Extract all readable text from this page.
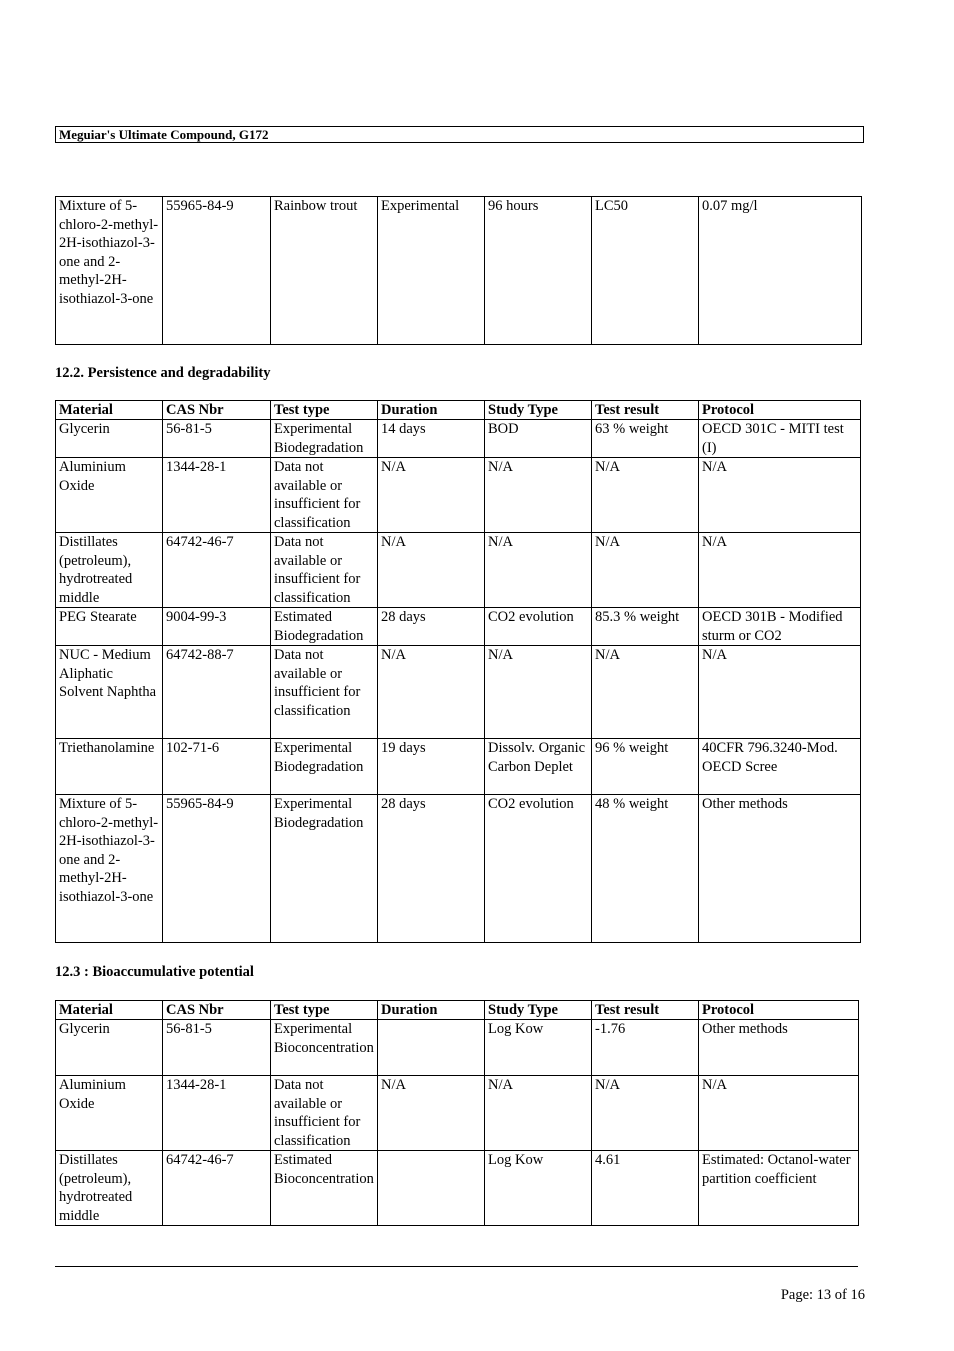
Meguiar's Ultimate Compound, G172
Mixture of 5-chloro-2-methyl-2H-isothiazol-3-one and 2-methyl-2H-isothiazol-3-one	55965-84-9	Rainbow trout	Experimental	96 hours	LC50	0.07 mg/l
12.2. Persistence and degradability
Material	CAS Nbr	Test type	Duration	Study Type	Test result	Protocol
Glycerin	56-81-5	Experimental Biodegradation	14 days	BOD	63 % weight	OECD 301C - MITI test (I)
Aluminium Oxide	1344-28-1	Data not available or insufficient for classification	N/A	N/A	N/A	N/A
Distillates (petroleum), hydrotreated middle	64742-46-7	Data not available or insufficient for classification	N/A	N/A	N/A	N/A
PEG Stearate	9004-99-3	Estimated Biodegradation	28 days	CO2 evolution	85.3 % weight	OECD 301B - Modified sturm or CO2
NUC - Medium Aliphatic Solvent Naphtha	64742-88-7	Data not available or insufficient for classification	N/A	N/A	N/A	N/A
Triethanolamine	102-71-6	Experimental Biodegradation	19 days	Dissolv. Organic Carbon Deplet	96 % weight	40CFR 796.3240-Mod. OECD Scree
Mixture of 5-chloro-2-methyl-2H-isothiazol-3-one and 2-methyl-2H-isothiazol-3-one	55965-84-9	Experimental Biodegradation	28 days	CO2 evolution	48 % weight	Other methods
12.3 : Bioaccumulative potential
Material	CAS Nbr	Test type	Duration	Study Type	Test result	Protocol
Glycerin	56-81-5	Experimental Bioconcentration		Log Kow	-1.76	Other methods
Aluminium Oxide	1344-28-1	Data not available or insufficient for classification	N/A	N/A	N/A	N/A
Distillates (petroleum), hydrotreated middle	64742-46-7	Estimated Bioconcentration		Log Kow	4.61	Estimated: Octanol-water partition coefficient
Page: 13 of 16
